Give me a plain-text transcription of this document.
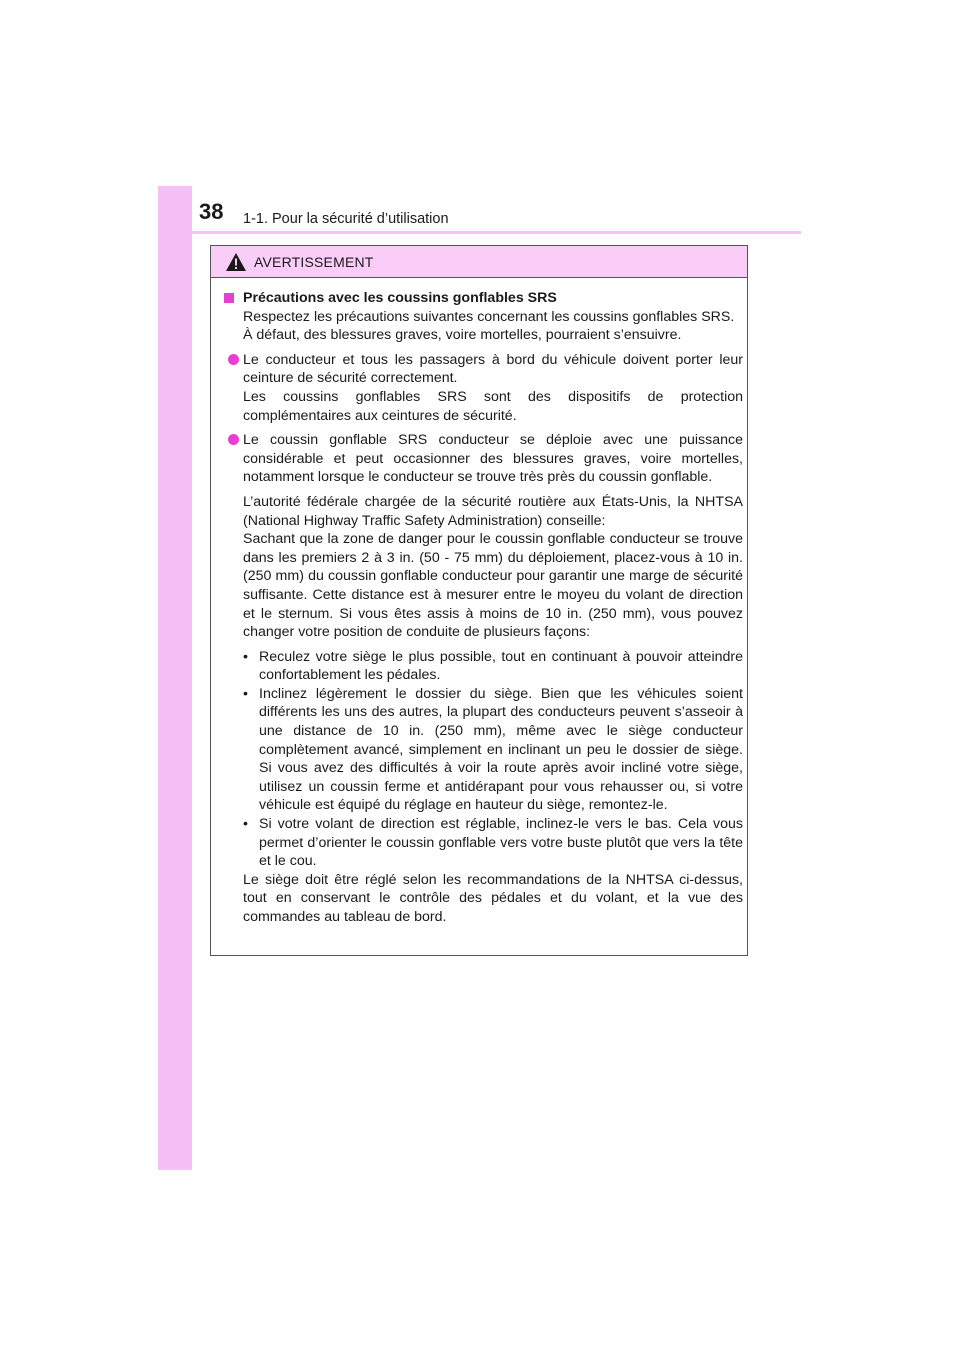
38 1-1. Pour la sécurité d’utilisation
AVERTISSEMENT
Précautions avec les coussins gonflables SRS
Respectez les précautions suivantes concernant les coussins gonflables SRS.
À défaut, des blessures graves, voire mortelles, pourraient s’ensuivre.
Le conducteur et tous les passagers à bord du véhicule doivent porter leur ceinture de sécurité correctement.
Les coussins gonflables SRS sont des dispositifs de protection complémentaires aux ceintures de sécurité.
Le coussin gonflable SRS conducteur se déploie avec une puissance considérable et peut occasionner des blessures graves, voire mortelles, notamment lorsque le conducteur se trouve très près du coussin gonflable.
L’autorité fédérale chargée de la sécurité routière aux États-Unis, la NHTSA (National Highway Traffic Safety Administration) conseille:
Sachant que la zone de danger pour le coussin gonflable conducteur se trouve dans les premiers 2 à 3 in. (50 - 75 mm) du déploiement, placez-vous à 10 in. (250 mm) du coussin gonflable conducteur pour garantir une marge de sécurité suffisante. Cette distance est à mesurer entre le moyeu du volant de direction et le sternum. Si vous êtes assis à moins de 10 in. (250 mm), vous pouvez changer votre position de conduite de plusieurs façons:
• Reculez votre siège le plus possible, tout en continuant à pouvoir atteindre confortablement les pédales.
• Inclinez légèrement le dossier du siège. Bien que les véhicules soient différents les uns des autres, la plupart des conducteurs peuvent s’asseoir à une distance de 10 in. (250 mm), même avec le siège conducteur complètement avancé, simplement en inclinant un peu le dossier de siège. Si vous avez des difficultés à voir la route après avoir incliné votre siège, utilisez un coussin ferme et antidérapant pour vous rehausser ou, si votre véhicule est équipé du réglage en hauteur du siège, remontez-le.
• Si votre volant de direction est réglable, inclinez-le vers le bas. Cela vous permet d’orienter le coussin gonflable vers votre buste plutôt que vers la tête et le cou.
Le siège doit être réglé selon les recommandations de la NHTSA ci-dessus, tout en conservant le contrôle des pédales et du volant, et la vue des commandes au tableau de bord.
